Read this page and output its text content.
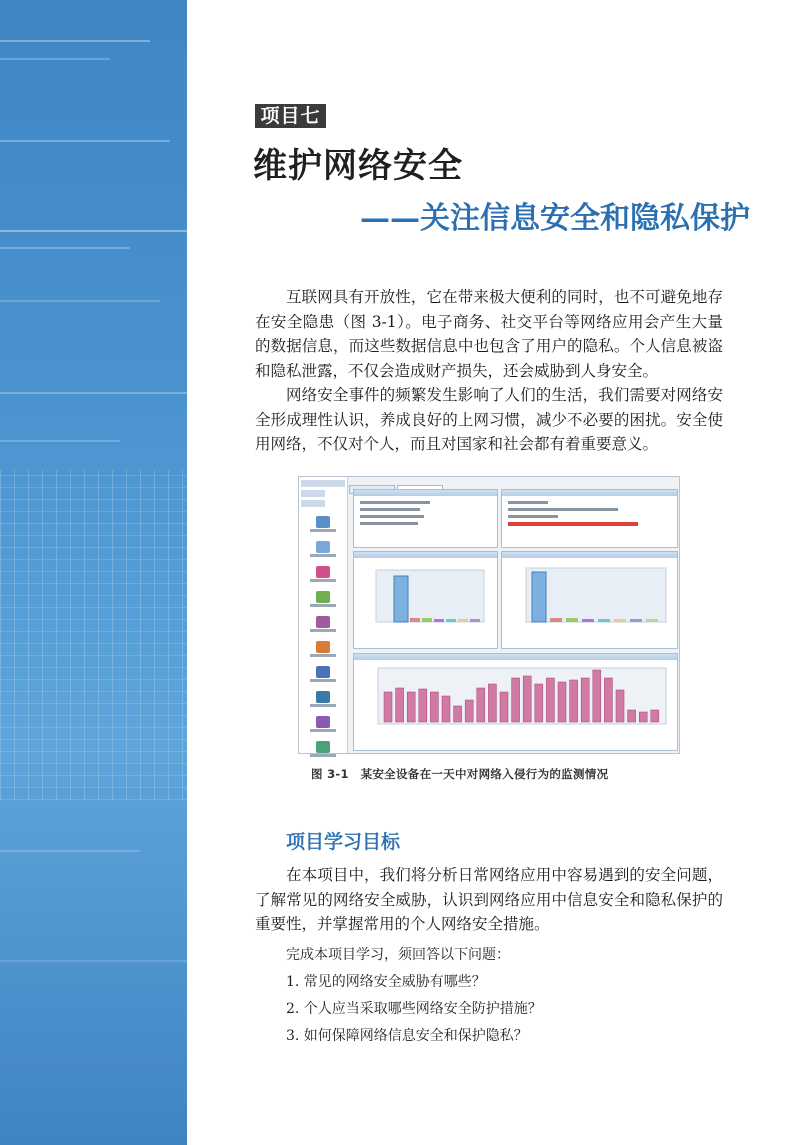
项目七
维护网络安全
——关注信息安全和隐私保护

互联网具有开放性，它在带来极大便利的同时，也不可避免地存在安全隐患（图 3-1）。电子商务、社交平台等网络应用会产生大量的数据信息，而这些数据信息中也包含了用户的隐私。个人信息被盗和隐私泄露，不仅会造成财产损失，还会威胁到人身安全。

网络安全事件的频繁发生影响了人们的生活，我们需要对网络安全形成理性认识，养成良好的上网习惯，减少不必要的困扰。安全使用网络，不仅对个人，而且对国家和社会都有着重要意义。

图 3-1　某安全设备在一天中对网络入侵行为的监测情况
项目学习目标

在本项目中，我们将分析日常网络应用中容易遇到的安全问题，了解常见的网络安全威胁，认识到网络应用中信息安全和隐私保护的重要性，并掌握常用的个人网络安全措施。

完成本项目学习，须回答以下问题：
1. 常见的网络安全威胁有哪些？
2. 个人应当采取哪些网络安全防护措施？
3. 如何保障网络信息安全和保护隐私？
